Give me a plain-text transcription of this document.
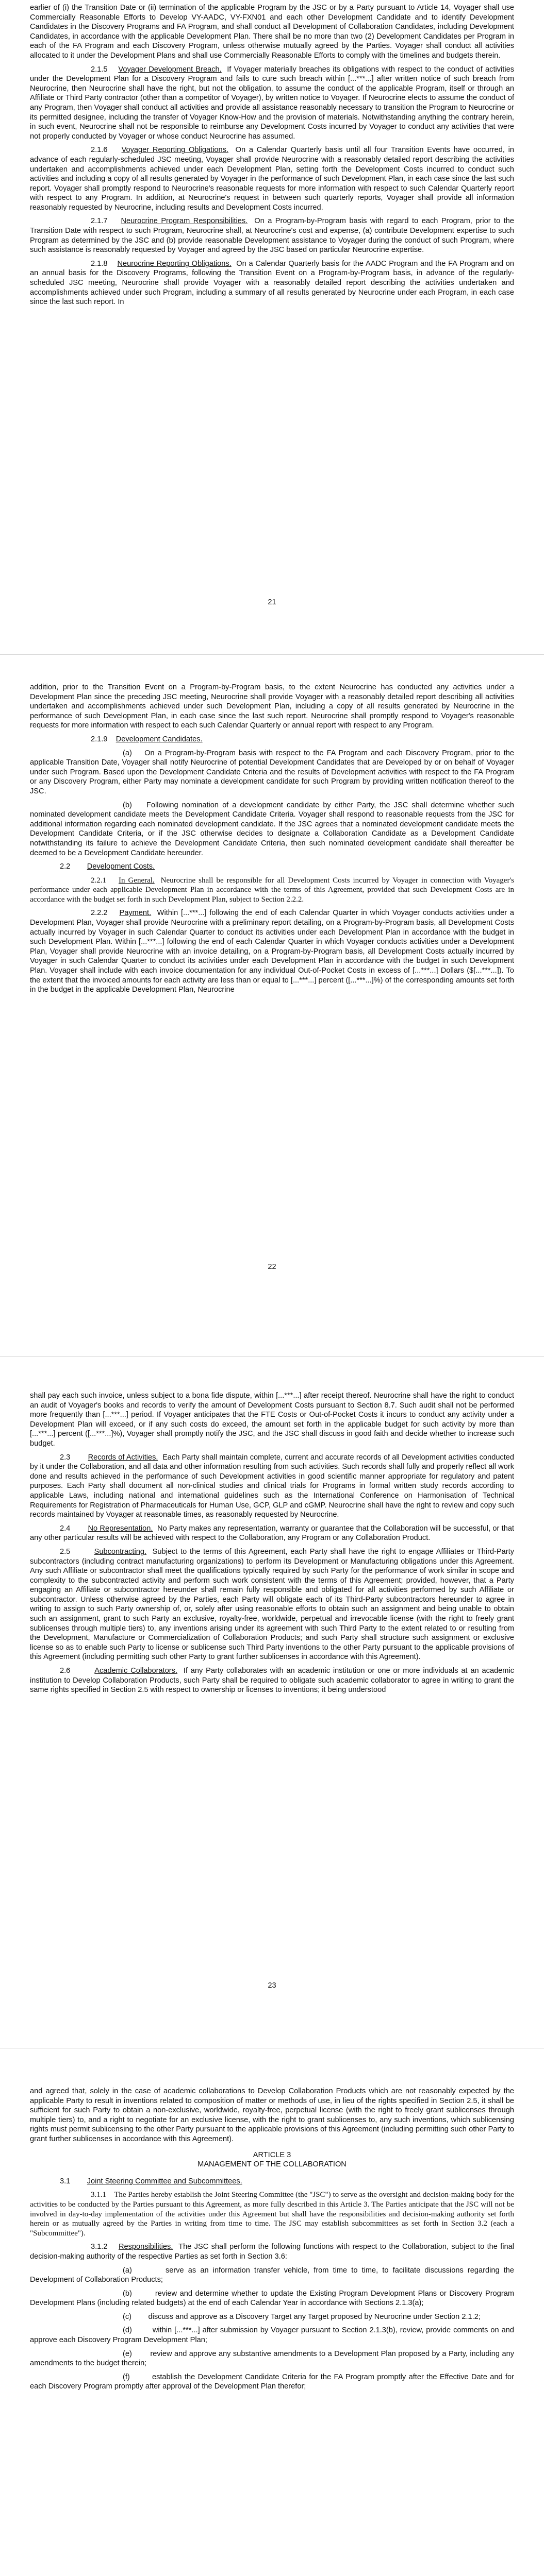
earlier of (i) the Transition Date or (ii) termination of the applicable Program by the JSC or by a Party pursuant to Article 14, Voyager shall use Commercially Reasonable Efforts to Develop VY-AADC, VY-FXN01 and each other Development Candidate and to identify Development Candidates in the Discovery Programs and FA Program, and shall conduct all Development of Collaboration Candidates, including Development Candidates, in accordance with the applicable Development Plan. There shall be no more than two (2) Development Candidates per Program in each of the FA Program and each Discovery Program, unless otherwise mutually agreed by the Parties. Voyager shall conduct all activities allocated to it under the Development Plans and shall use Commercially Reasonable Efforts to comply with the timelines and budgets therein.

2.1.5 Voyager Development Breach. If Voyager materially breaches its obligations with respect to the conduct of activities under the Development Plan for a Discovery Program and fails to cure such breach within [...***...] after written notice of such breach from Neurocrine, then Neurocrine shall have the right, but not the obligation, to assume the conduct of the applicable Program, itself or through an Affiliate or Third Party contractor (other than a competitor of Voyager), by written notice to Voyager. If Neurocrine elects to assume the conduct of any Program, then Voyager shall conduct all activities and provide all assistance reasonably necessary to transition the Program to Neurocrine or its permitted designee, including the transfer of Voyager Know-How and the provision of materials. Notwithstanding anything the contrary herein, in such event, Neurocrine shall not be responsible to reimburse any Development Costs incurred by Voyager to conduct any activities that were not properly conducted by Voyager or whose conduct Neurocrine has assumed.

2.1.6 Voyager Reporting Obligations. On a Calendar Quarterly basis until all four Transition Events have occurred, in advance of each regularly-scheduled JSC meeting, Voyager shall provide Neurocrine with a reasonably detailed report describing the activities undertaken and accomplishments achieved under each Development Plan, setting forth the Development Costs incurred to conduct such activities and including a copy of all results generated by Voyager in the performance of such Development Plan, in each case since the last such report. Voyager shall promptly respond to Neurocrine's reasonable requests for more information with respect to such Calendar Quarterly report with respect to any Program. In addition, at Neurocrine's request in between such quarterly reports, Voyager shall provide all information reasonably requested by Neurocrine, including results and Development Costs incurred.

2.1.7 Neurocrine Program Responsibilities. On a Program-by-Program basis with regard to each Program, prior to the Transition Date with respect to such Program, Neurocrine shall, at Neurocrine's cost and expense, (a) contribute Development expertise to such Program as determined by the JSC and (b) provide reasonable Development assistance to Voyager during the conduct of such Program, where such assistance is reasonably requested by Voyager and agreed by the JSC based on particular Neurocrine expertise.

2.1.8 Neurocrine Reporting Obligations. On a Calendar Quarterly basis for the AADC Program and the FA Program and on an annual basis for the Discovery Programs, following the Transition Event on a Program-by-Program basis, in advance of the regularly-scheduled JSC meeting, Neurocrine shall provide Voyager with a reasonably detailed report describing the activities undertaken and accomplishments achieved under such Program, including a summary of all results generated by Neurocrine under each Program, in each case since the last such report. In

21

addition, prior to the Transition Event on a Program-by-Program basis, to the extent Neurocrine has conducted any activities under a Development Plan since the preceding JSC meeting, Neurocrine shall provide Voyager with a reasonably detailed report describing all activities undertaken and accomplishments achieved under such Development Plan, including a copy of all results generated by Neurocrine in the performance of such Development Plan, in each case since the last such report. Neurocrine shall promptly respond to Voyager's reasonable requests for more information with respect to each such Calendar Quarterly or annual report with respect to any Program.

2.1.9 Development Candidates.

(a) On a Program-by-Program basis with respect to the FA Program and each Discovery Program, prior to the applicable Transition Date, Voyager shall notify Neurocrine of potential Development Candidates that are Developed by or on behalf of Voyager under such Program. Based upon the Development Candidate Criteria and the results of Development activities with respect to the FA Program or any Discovery Program, either Party may nominate a development candidate for such Program by providing written notification thereof to the JSC.

(b) Following nomination of a development candidate by either Party, the JSC shall determine whether such nominated development candidate meets the Development Candidate Criteria. Voyager shall respond to reasonable requests from the JSC for additional information regarding each nominated development candidate. If the JSC agrees that a nominated development candidate meets the Development Candidate Criteria, or if the JSC otherwise decides to designate a Collaboration Candidate as a Development Candidate notwithstanding its failure to achieve the Development Candidate Criteria, then such nominated development candidate shall thereafter be deemed to be a Development Candidate hereunder.

2.2 Development Costs.

2.2.1 In General. Neurocrine shall be responsible for all Development Costs incurred by Voyager in connection with Voyager's performance under each applicable Development Plan in accordance with the terms of this Agreement, provided that such Development Costs are in accordance with the budget set forth in such Development Plan, subject to Section 2.2.2.

2.2.2 Payment. Within [...***...] following the end of each Calendar Quarter in which Voyager conducts activities under a Development Plan, Voyager shall provide Neurocrine with a preliminary report detailing, on a Program-by-Program basis, all Development Costs actually incurred by Voyager in such Calendar Quarter to conduct its activities under each Development Plan in accordance with the budget in such Development Plan. Within [...***...] following the end of each Calendar Quarter in which Voyager conducts activities under a Development Plan, Voyager shall provide Neurocrine with an invoice detailing, on a Program-by-Program basis, all Development Costs actually incurred by Voyager in such Calendar Quarter to conduct its activities under each Development Plan in accordance with the budget in such Development Plan. Voyager shall include with each invoice documentation for any individual Out-of-Pocket Costs in excess of [...***...] Dollars ($[...***...]). To the extent that the invoiced amounts for each activity are less than or equal to [...***...] percent ([...***...]%) of the corresponding amounts set forth in the budget in the applicable Development Plan, Neurocrine

22

shall pay each such invoice, unless subject to a bona fide dispute, within [...***...] after receipt thereof. Neurocrine shall have the right to conduct an audit of Voyager's books and records to verify the amount of Development Costs pursuant to Section 8.7. Such audit shall not be performed more frequently than [...***...] period. If Voyager anticipates that the FTE Costs or Out-of-Pocket Costs it incurs to conduct any activity under a Development Plan will exceed, or if any such costs do exceed, the amount set forth in the applicable budget for such activity by more than [...***...] percent ([...***...]%), Voyager shall promptly notify the JSC, and the JSC shall discuss in good faith and decide whether to increase such budget.

2.3 Records of Activities. Each Party shall maintain complete, current and accurate records of all Development activities conducted by it under the Collaboration, and all data and other information resulting from such activities. Such records shall fully and properly reflect all work done and results achieved in the performance of such Development activities in good scientific manner appropriate for regulatory and patent purposes. Each Party shall document all non-clinical studies and clinical trials for Programs in formal written study records according to applicable Laws, including national and international guidelines such as the International Conference on Harmonisation of Technical Requirements for Registration of Pharmaceuticals for Human Use, GCP, GLP and cGMP. Neurocrine shall have the right to review and copy such records maintained by Voyager at reasonable times, as reasonably requested by Neurocrine.

2.4 No Representation. No Party makes any representation, warranty or guarantee that the Collaboration will be successful, or that any other particular results will be achieved with respect to the Collaboration, any Program or any Collaboration Product.

2.5	Subcontracting. Subject to the terms of this Agreement, each Party shall have the right to engage Affiliates or Third-Party subcontractors (including contract manufacturing organizations) to perform its Development or Manufacturing obligations under this Agreement. Any such Affiliate or subcontractor shall meet the qualifications typically required by such Party for the performance of work similar in scope and complexity to the subcontracted activity and perform such work consistent with the terms of this Agreement; provided, however, that a Party engaging an Affiliate or subcontractor hereunder shall remain fully responsible and obligated for all activities performed by such Affiliate or subcontractor. Unless otherwise agreed by the Parties, each Party will obligate each of its Third-Party subcontractors hereunder to agree in writing to assign to such Party ownership of, or, solely after using reasonable efforts to obtain such an assignment and being unable to obtain such an assignment, grant to such Party an exclusive, royalty-free, worldwide, perpetual and irrevocable license (with the right to freely grant sublicenses through multiple tiers) to, any inventions arising under its agreement with such Third Party to the extent related to or resulting from the Development, Manufacture or Commercialization of Collaboration Products; and such Party shall structure such assignment or exclusive license so as to enable such Party to license or sublicense such Third Party inventions to the other Party pursuant to the applicable provisions of this Agreement (including permitting such other Party to grant further sublicenses in accordance with this Agreement).

2.6	Academic Collaborators. If any Party collaborates with an academic institution or one or more individuals at an academic institution to Develop Collaboration Products, such Party shall be required to obligate such academic collaborator to agree in writing to grant the same rights specified in Section 2.5 with respect to ownership or licenses to inventions; it being understood

23

and agreed that, solely in the case of academic collaborations to Develop Collaboration Products which are not reasonably expected by the applicable Party to result in inventions related to composition of matter or methods of use, in lieu of the rights specified in Section 2.5, it shall be sufficient for such Party to obtain a non-exclusive, worldwide, royalty-free, perpetual license (with the right to freely grant sublicenses through multiple tiers) to, and a right to negotiate for an exclusive license, with the right to grant sublicenses to, any such inventions, which sublicensing rights must permit sublicensing to the other Party pursuant to the applicable provisions of this Agreement (including permitting such other Party to grant further sublicenses in accordance with this Agreement).

ARTICLE 3

MANAGEMENT OF THE COLLABORATION

3.1 Joint Steering Committee and Subcommittees.

3.1.1 The Parties hereby establish the Joint Steering Committee (the "JSC") to serve as the oversight and decision-making body for the activities to be conducted by the Parties pursuant to this Agreement, as more fully described in this Article 3. The Parties anticipate that the JSC will not be involved in day-to-day implementation of the activities under this Agreement but shall have the responsibilities and decision-making authority set forth herein or as mutually agreed by the Parties in writing from time to time. The JSC may establish subcommittees as set forth in Section 3.2 (each a "Subcommittee").

3.1.2 Responsibilities. The JSC shall perform the following functions with respect to the Collaboration, subject to the final decision-making authority of the respective Parties as set forth in Section 3.6:

(a)	serve as an information transfer vehicle, from time to time, to facilitate discussions regarding the Development of Collaboration Products;

(b)	review and determine whether to update the Existing Program Development Plans or Discovery Program Development Plans (including related budgets) at the end of each Calendar Year in accordance with Sections 2.1.3(a);

(c) discuss and approve as a Discovery Target any Target proposed by Neurocrine under Section 2.1.2;

(d)	within [...***...] after submission by Voyager pursuant to Section 2.1.3(b), review, provide comments on and approve each Discovery Program Development Plan;

(e) review and approve any substantive amendments to a Development Plan proposed by a Party, including any amendments to the budget therein;

(f)	establish the Development Candidate Criteria for the FA Program promptly after the Effective Date and for each Discovery Program promptly after approval of the Development Plan therefor;
